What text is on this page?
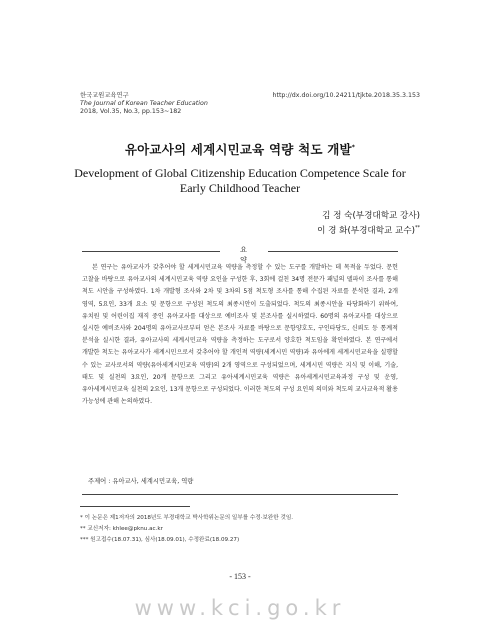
한국교원교육연구	http://dx.doi.org/10.24211/tjkte.2018.35.3.153
The Journal of Korean Teacher Education
2018, Vol.35, No.3, pp.153~182
유아교사의 세계시민교육 역량 척도 개발*
Development of Global Citizenship Education Competence Scale for
Early Childhood Teacher
김 정 숙(부경대학교 강사)
이 경 화(부경대학교 교수)**
요 약
본 연구는 유아교사가 갖추어야 할 세계시민교육 역량을 측정할 수 있는 도구를 개발하는 데 목적을 두었다. 문헌 고찰을 바탕으로 유아교사의 세계시민교육 역량 요인을 구성한 후, 3회에 걸친 34명 전문가 패널의 델파이 조사를 통해 척도 시안을 구성하였다. 1차 개발형 조사와 2차 및 3차의 5점 척도형 조사를 통해 수집된 자료를 분석한 결과, 2개 영역, 5요인, 33개 요소 및 문항으로 구성된 척도의 최종시안이 도출되었다. 척도의 최종시안을 타당화하기 위하여, 유치원 및 어린이집 재직 중인 유아교사를 대상으로 예비조사 및 본조사를 실시하였다. 60명의 유아교사를 대상으로 실시한 예비조사와 204명의 유아교사로부터 얻은 본조사 자료를 바탕으로 문항양호도, 구인타당도, 신뢰도 등 통계적 분석을 실시한 결과, 유아교사의 세계시민교육 역량을 측정하는 도구로서 양호한 척도임을 확인하였다. 본 연구에서 개발한 척도는 유아교사가 세계시민으로서 갖추어야 할 개인적 역량(세계시민 역량)과 유아에게 세계시민교육을 실행할 수 있는 교사로서의 역량(유아세계시민교육 역량)의 2개 영역으로 구성되었으며, 세계시민 역량은 지식 및 이해, 기술, 태도 및 실천의 3요인, 20개 문항으로 그리고 유아세계시민교육 역량은 유아세계시민교육과정 구성 및 운영, 유아세계시민교육 실천의 2요인, 13개 문항으로 구성되었다. 이러한 척도의 구성 요인의 의미와 척도의 교사교육적 활용 가능성에 관해 논의하였다.
주제어 : 유아교사, 세계시민교육, 역량
* 이 논문은 제1저자의 2018년도 부경대학교 박사학위논문의 일부를 수정·보완한 것임.
** 교신저자: khlee@pknu.ac.kr
*** 원고접수(18.07.31), 심사(18.09.01), 수정완료(18.09.27)
- 153 -
www.kci.go.kr
